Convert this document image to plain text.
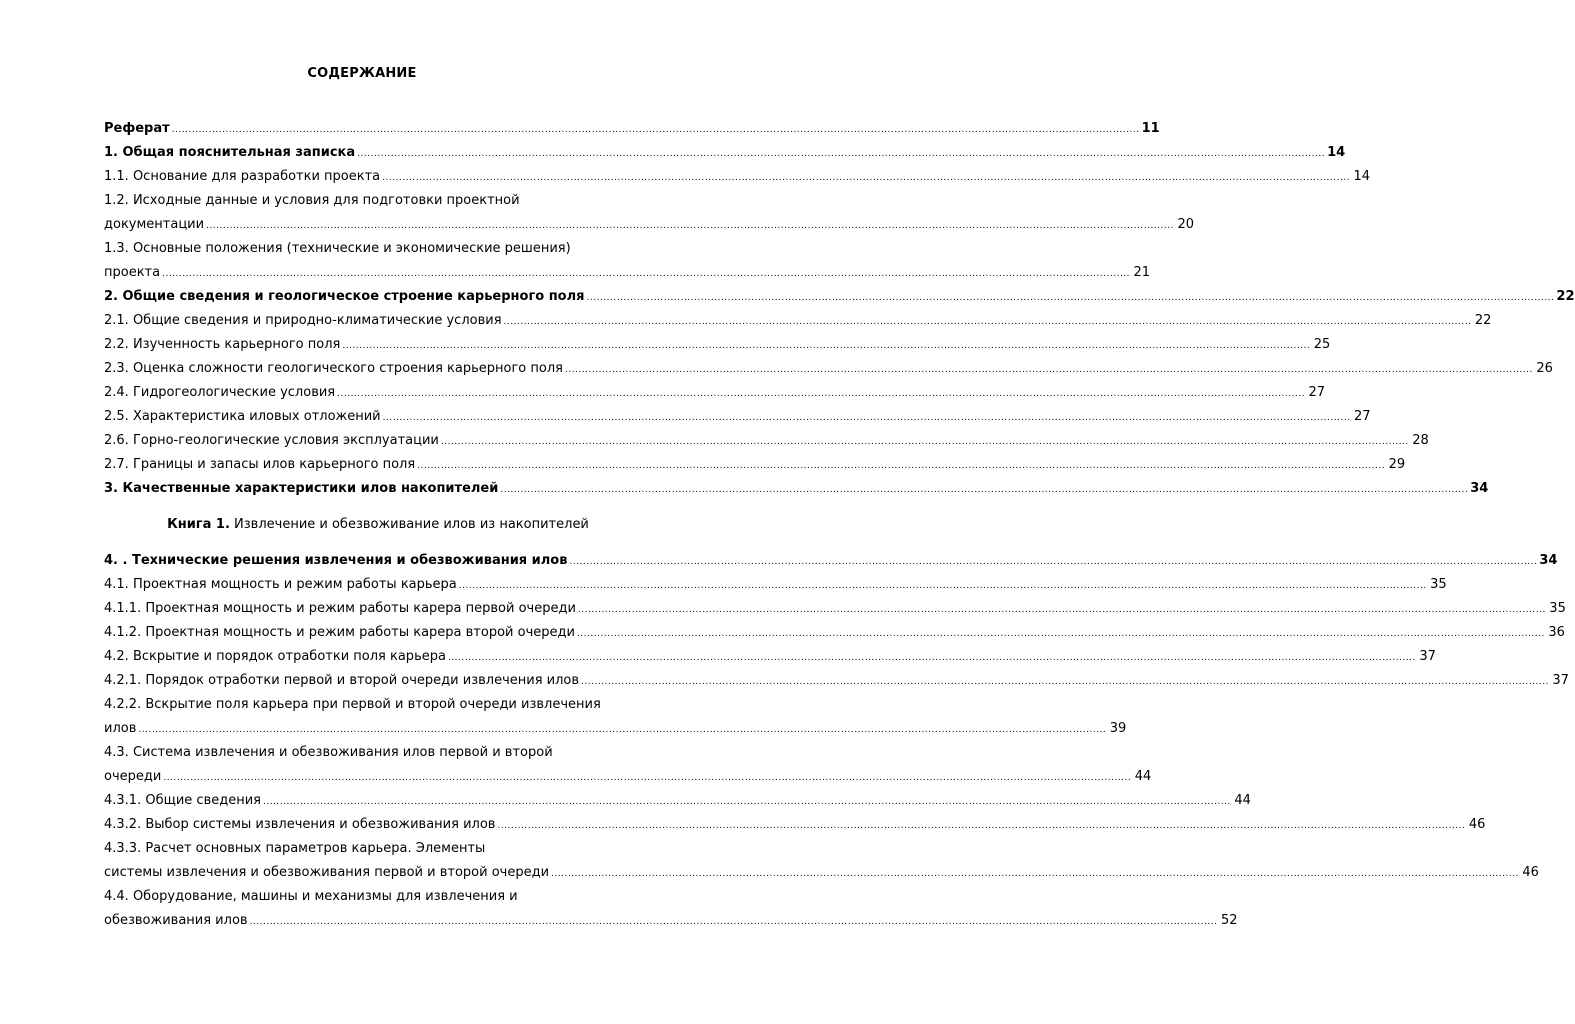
СОДЕРЖАНИЕ
Реферат .....	11
1. Общая пояснительная записка .....	14
1.1. Основание для разработки проекта .....	14
1.2. Исходные данные и условия для подготовки проектной
документации .....	20
1.3. Основные положения (технические и экономические решения)
проекта .....	21
2. Общие сведения и геологическое строение карьерного поля .....	22
2.1. Общие сведения и природно-климатические условия .....	22
2.2. Изученность карьерного поля .....	25
2.3. Оценка сложности геологического строения карьерного поля .....	26
2.4. Гидрогеологические условия .....	27
2.5. Характеристика иловых отложений .....	27
2.6. Горно-геологические условия эксплуатации .....	28
2.7. Границы и запасы илов карьерного поля .....	29
3. Качественные характеристики илов накопителей .....	34
Книга 1. Извлечение и обезвоживание илов из накопителей
4. . Технические решения извлечения и обезвоживания илов .....	34
4.1. Проектная мощность и режим работы карьера .....	35
4.1.1. Проектная мощность и режим работы карера первой очереди .....	35
4.1.2. Проектная мощность и режим работы карера второй очереди .....	36
4.2. Вскрытие и порядок отработки поля карьера .....	37
4.2.1. Порядок отработки первой и второй очереди извлечения илов .....	37
4.2.2. Вскрытие поля карьера при первой и второй очереди извлечения
илов .....	39
4.3. Система извлечения и обезвоживания илов первой и второй
очереди .....	44
4.3.1. Общие сведения .....	44
4.3.2. Выбор системы извлечения и обезвоживания илов .....	46
4.3.3. Расчет основных параметров карьера. Элементы
системы извлечения и обезвоживания первой и второй очереди .....	46
4.4. Оборудование, машины и механизмы для извлечения и
обезвоживания илов .....	52
